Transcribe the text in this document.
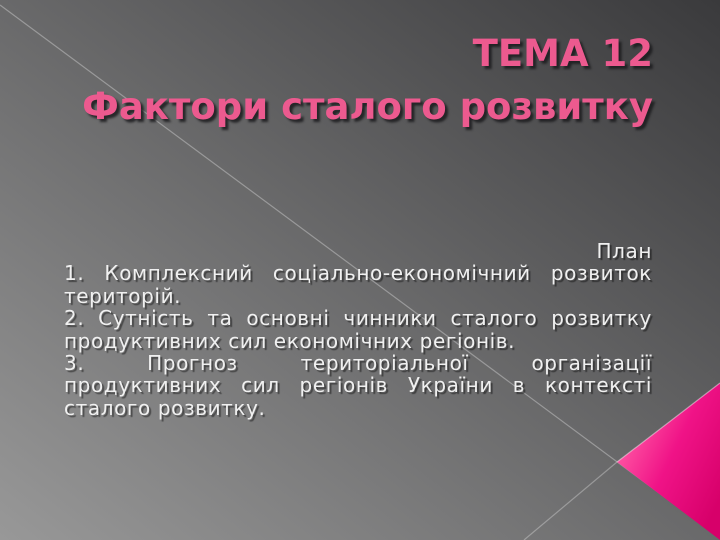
ТЕМА 12
Фактори сталого розвитку
План
1. Комплексний соціально-економічний розвиток
територій.
2. Сутність та основні чинники сталого розвитку
продуктивних сил економічних регіонів.
3. Прогноз територіальної організації
продуктивних сил регіонів України в контексті
сталого розвитку.
